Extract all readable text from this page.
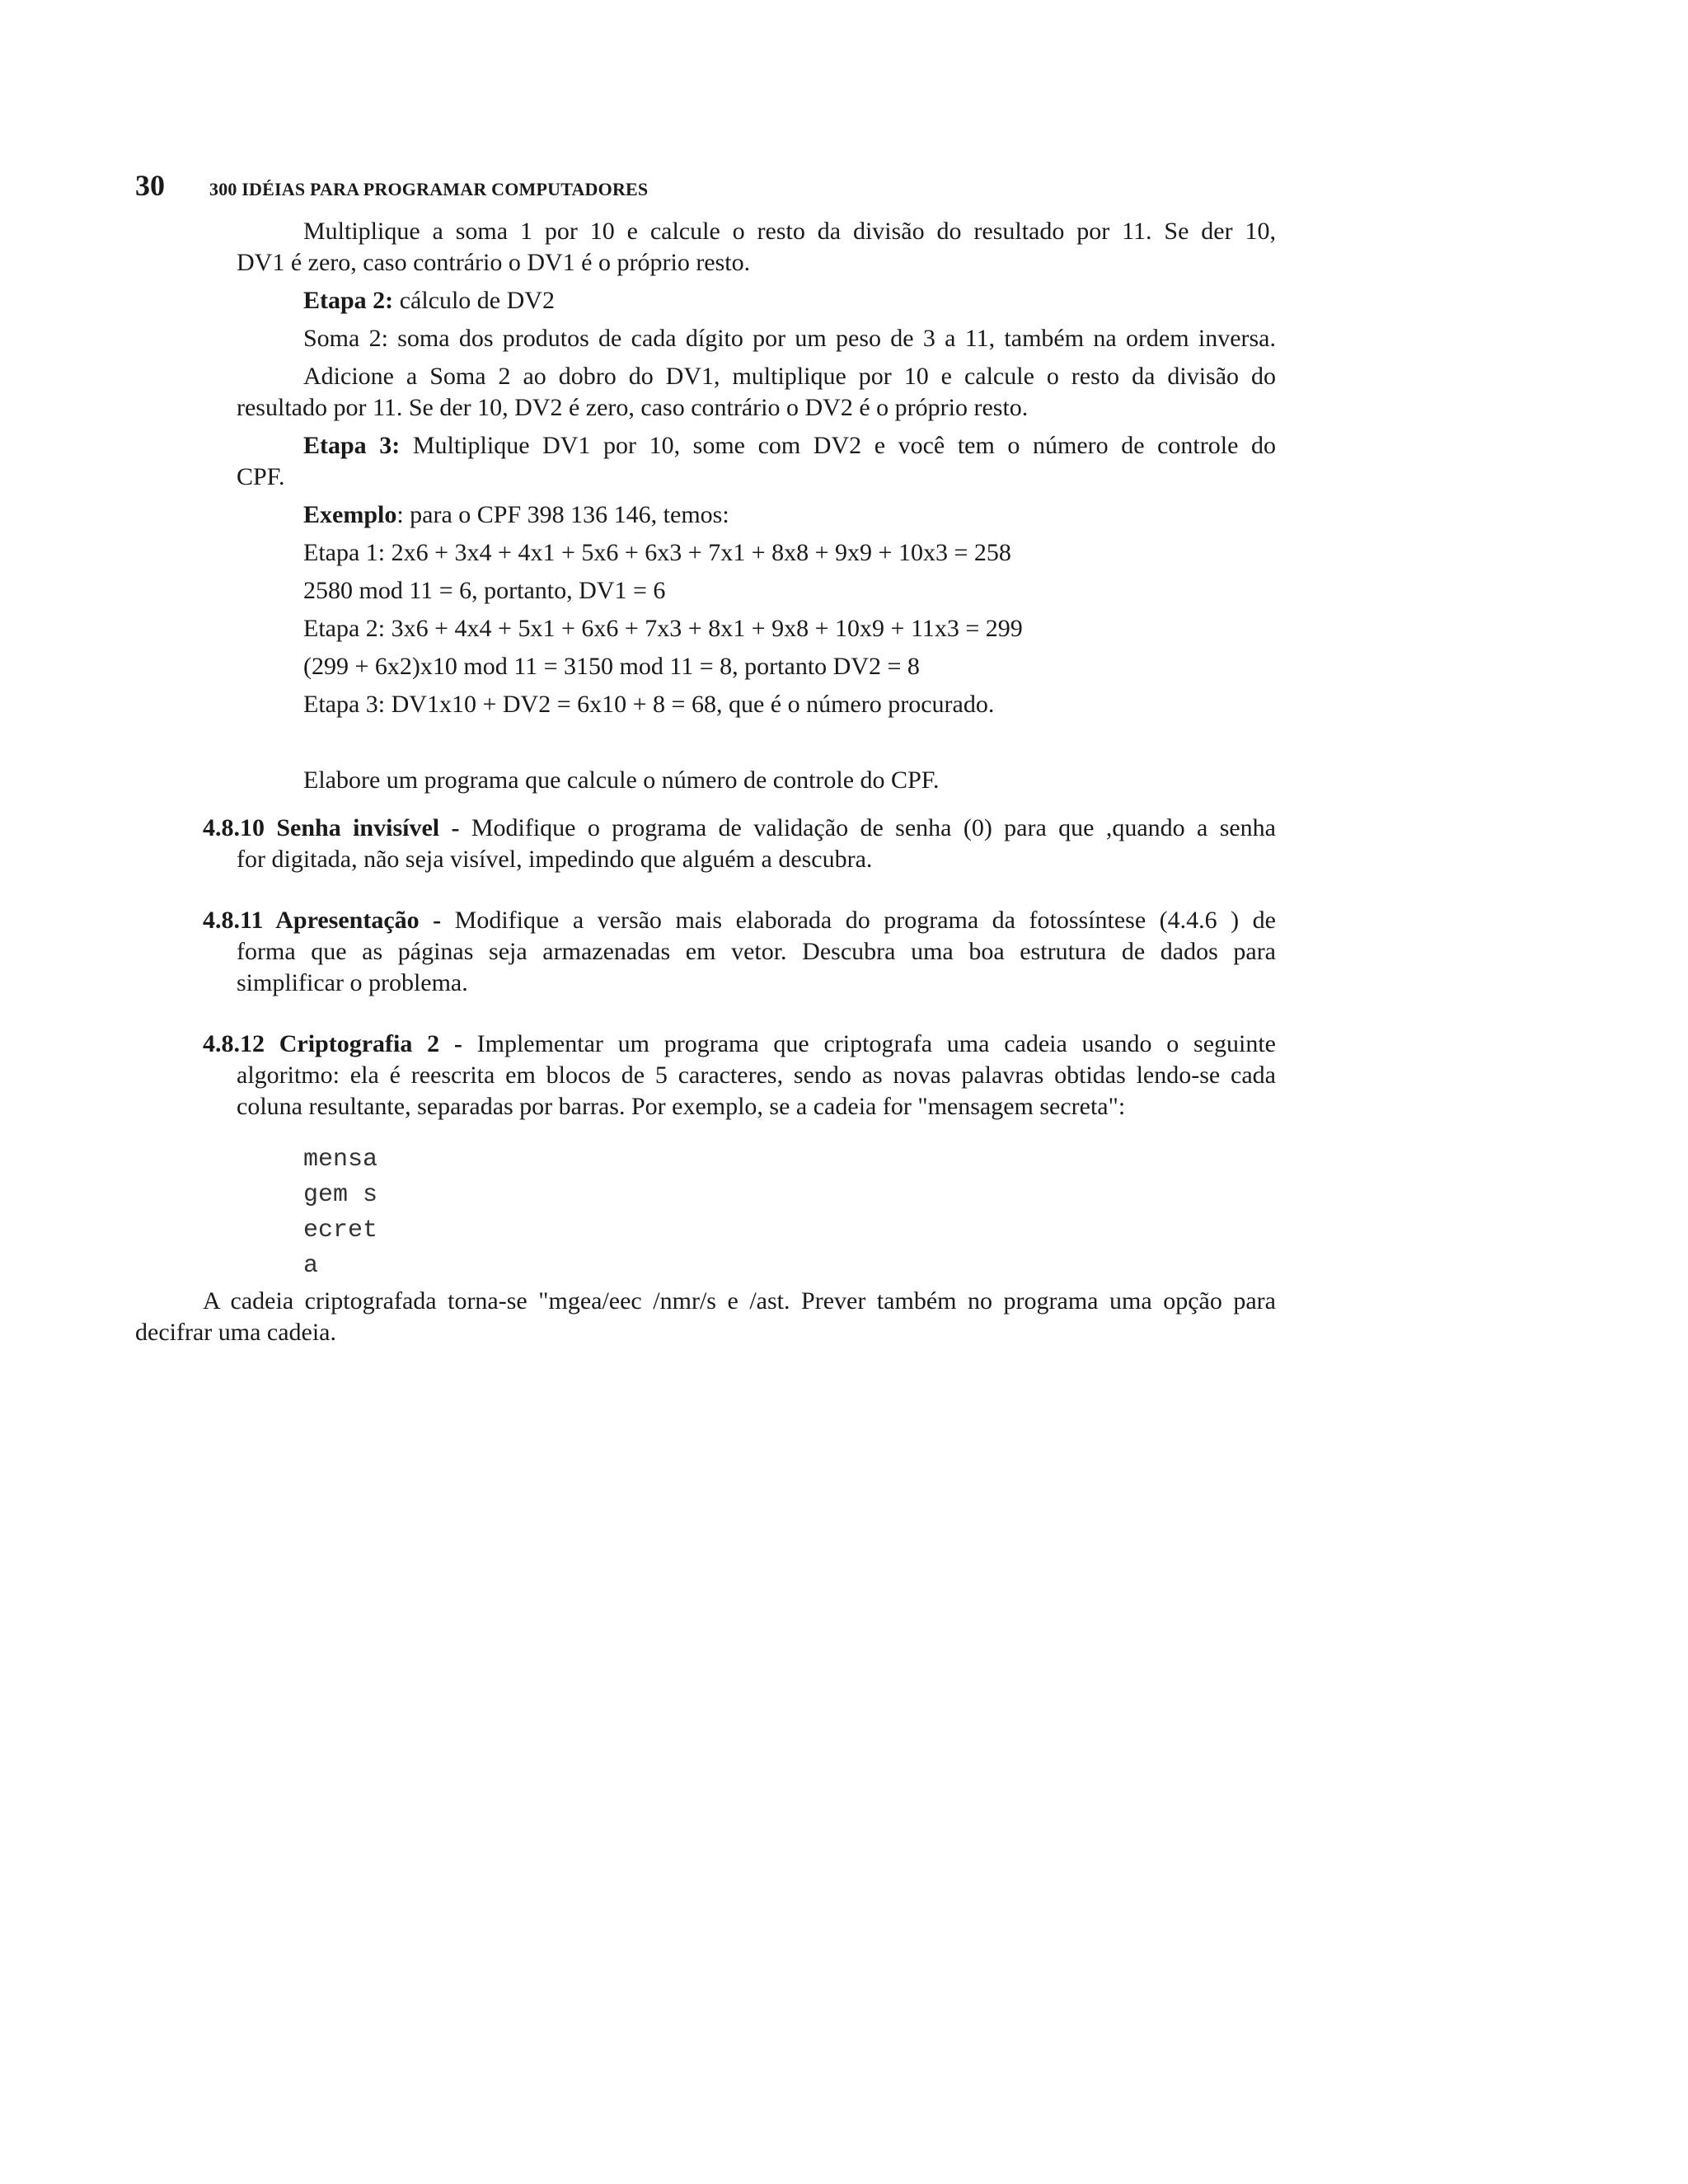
30 300 IDÉIAS PARA PROGRAMAR COMPUTADORES
Multiplique a soma 1 por 10 e calcule o resto da divisão do resultado por 11. Se der 10,
DV1 é zero, caso contrário o DV1 é o próprio resto.
Etapa 2: cálculo de DV2
Soma 2: soma dos produtos de cada dígito por um peso de 3 a 11, também na ordem inversa.
Adicione a Soma 2 ao dobro do DV1, multiplique por 10 e calcule o resto da divisão do
resultado por 11. Se der 10, DV2 é zero, caso contrário o DV2 é o próprio resto.
Etapa 3: Multiplique DV1 por 10, some com DV2 e você tem o número de controle do
CPF.
Exemplo: para o CPF 398 136 146, temos:
Etapa 1: 2x6 + 3x4 + 4x1 + 5x6 + 6x3 + 7x1 + 8x8 + 9x9 + 10x3 = 258
2580 mod 11 = 6, portanto, DV1 = 6
Etapa 2: 3x6 + 4x4 + 5x1 + 6x6 + 7x3 + 8x1 + 9x8 + 10x9 + 11x3 = 299
(299 + 6x2)x10 mod 11 = 3150 mod 11 = 8, portanto DV2 = 8
Etapa 3: DV1x10 + DV2 = 6x10 + 8 = 68, que é o número procurado.
Elabore um programa que calcule o número de controle do CPF.
4.8.10 Senha invisível - Modifique o programa de validação de senha (0) para que ,quando a senha
for digitada, não seja visível, impedindo que alguém a descubra.
4.8.11 Apresentação - Modifique a versão mais elaborada do programa da fotossíntese (4.4.6 ) de
forma que as páginas seja armazenadas em vetor. Descubra uma boa estrutura de dados para
simplificar o problema.
4.8.12 Criptografia 2 - Implementar um programa que criptografa uma cadeia usando o seguinte
algoritmo: ela é reescrita em blocos de 5 caracteres, sendo as novas palavras obtidas lendo-se cada
coluna resultante, separadas por barras. Por exemplo, se a cadeia for "mensagem secreta":
mensa
gem s
ecret
a
A cadeia criptografada torna-se "mgea/eec /nmr/s e /ast. Prever também no programa uma opção para
decifrar uma cadeia.
